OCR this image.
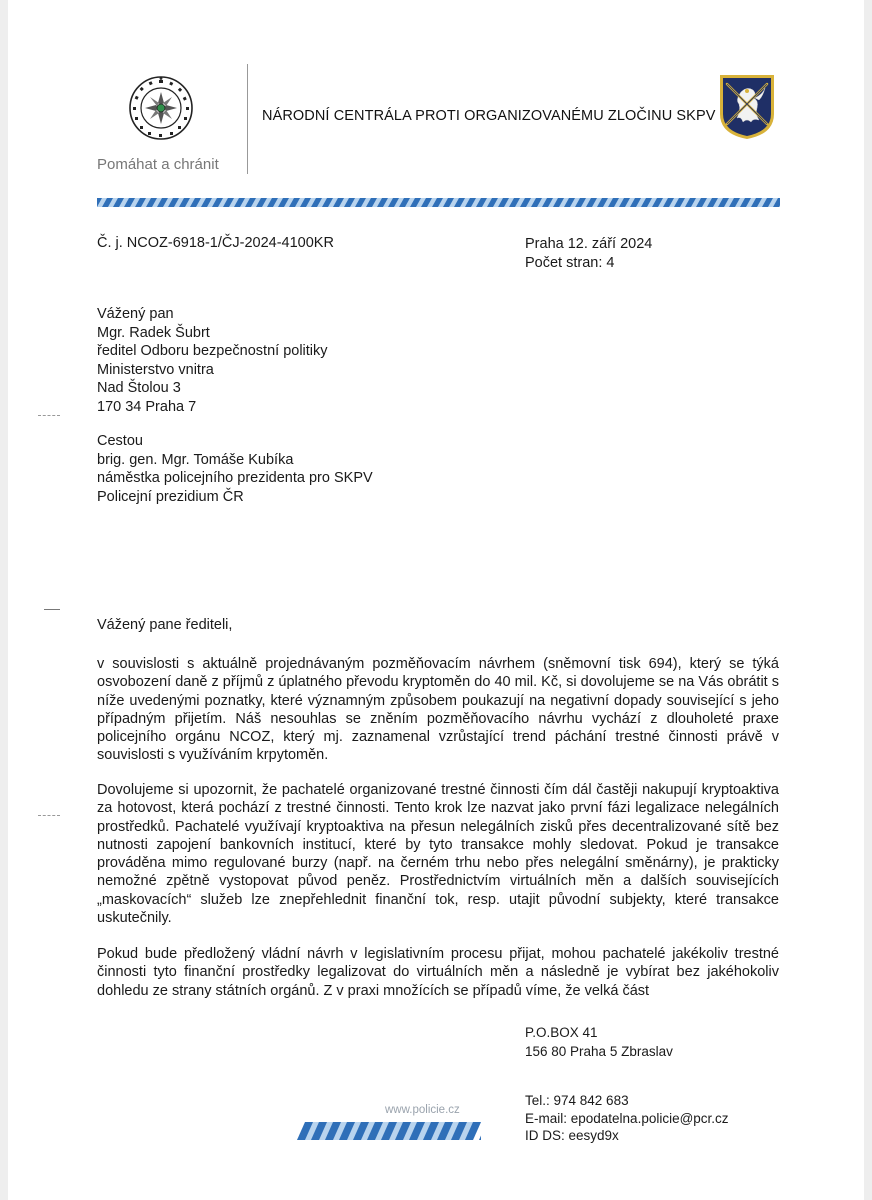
Pomáhat a chránit
NÁRODNÍ CENTRÁLA PROTI ORGANIZOVANÉMU ZLOČINU SKPV
Č. j. NCOZ-6918-1/ČJ-2024-4100KR	Praha 12. září 2024
Počet stran: 4
Vážený pan
Mgr. Radek Šubrt
ředitel Odboru bezpečnostní politiky
Ministerstvo vnitra
Nad Štolou 3
170 34 Praha 7
Cestou
brig. gen. Mgr. Tomáše Kubíka
náměstka policejního prezidenta pro SKPV
Policejní prezidium ČR
Vážený pane řediteli,
v souvislosti s aktuálně projednávaným pozměňovacím návrhem (sněmovní tisk 694), který se týká osvobození daně z příjmů z úplatného převodu kryptoměn do 40 mil. Kč, si dovolujeme se na Vás obrátit s níže uvedenými poznatky, které významným způsobem poukazují na negativní dopady související s jeho případným přijetím. Náš nesouhlas se zněním pozměňovacího návrhu vychází z dlouholeté praxe policejního orgánu NCOZ, který mj. zaznamenal vzrůstající trend páchání trestné činnosti právě v souvislosti s využíváním krpytoměn.
Dovolujeme si upozornit, že pachatelé organizované trestné činnosti čím dál častěji nakupují kryptoaktiva za hotovost, která pochází z trestné činnosti. Tento krok lze nazvat jako první fázi legalizace nelegálních prostředků. Pachatelé využívají kryptoaktiva na přesun nelegálních zisků přes decentralizované sítě bez nutnosti zapojení bankovních institucí, které by tyto transakce mohly sledovat. Pokud je transakce prováděna mimo regulované burzy (např. na černém trhu nebo přes nelegální směnárny), je prakticky nemožné zpětně vystopovat původ peněz. Prostřednictvím virtuálních měn a dalších souvisejících „maskovacích“ služeb lze znepřehlednit finanční tok, resp. utajit původní subjekty, které transakce uskutečnily.
Pokud bude předložený vládní návrh v legislativním procesu přijat, mohou pachatelé jakékoliv trestné činnosti tyto finanční prostředky legalizovat do virtuálních měn a následně je vybírat bez jakéhokoliv dohledu ze strany státních orgánů. Z v praxi množících se případů víme, že velká část
P.O.BOX 41
156 80 Praha 5 Zbraslav
www.policie.cz
Tel.: 974 842 683
E-mail: epodatelna.policie@pcr.cz
ID DS: eesyd9x
